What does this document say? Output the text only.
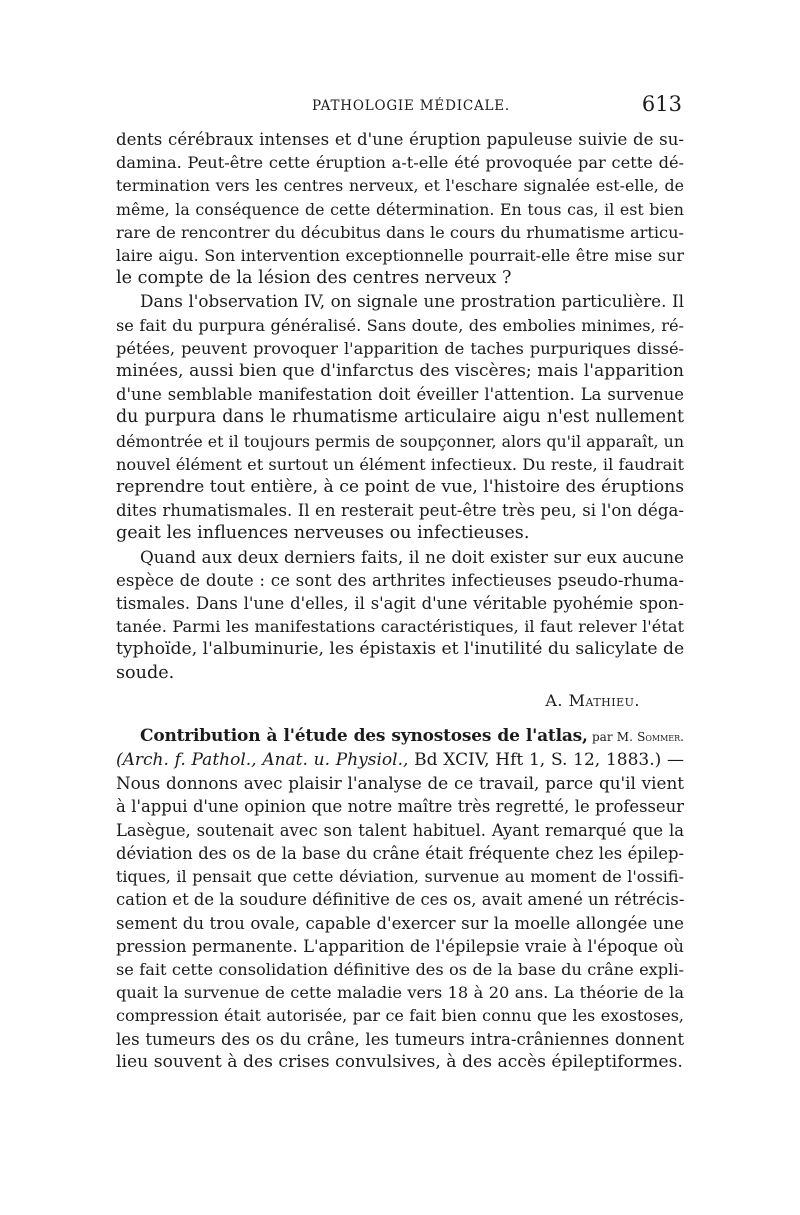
PATHOLOGIE MÉDICALE.	613

dents cérébraux intenses et d'une éruption papuleuse suivie de su-
damina. Peut-être cette éruption a-t-elle été provoquée par cette dé-
termination vers les centres nerveux, et l'eschare signalée est-elle, de
même, la conséquence de cette détermination. En tous cas, il est bien
rare de rencontrer du décubitus dans le cours du rhumatisme articu-
laire aigu. Son intervention exceptionnelle pourrait-elle être mise sur
le compte de la lésion des centres nerveux ?

Dans l'observation IV, on signale une prostration particulière. Il
se fait du purpura généralisé. Sans doute, des embolies minimes, ré-
pétées, peuvent provoquer l'apparition de taches purpuriques dissé-
minées, aussi bien que d'infarctus des viscères; mais l'apparition
d'une semblable manifestation doit éveiller l'attention. La survenue
du purpura dans le rhumatisme articulaire aigu n'est nullement
démontrée et il toujours permis de soupçonner, alors qu'il apparaît, un
nouvel élément et surtout un élément infectieux. Du reste, il faudrait
reprendre tout entière, à ce point de vue, l'histoire des éruptions
dites rhumatismales. Il en resterait peut-être très peu, si l'on déga-
geait les influences nerveuses ou infectieuses.

Quand aux deux derniers faits, il ne doit exister sur eux aucune
espèce de doute : ce sont des arthrites infectieuses pseudo-rhuma-
tismales. Dans l'une d'elles, il s'agit d'une véritable pyohémie spon-
tanée. Parmi les manifestations caractéristiques, il faut relever l'état
typhoïde, l'albuminurie, les épistaxis et l'inutilité du salicylate de
soude.

A. Mathieu.

Contribution à l'étude des synostoses de l'atlas, par M. Sommer.
(Arch. f. Pathol., Anat. u. Physiol., Bd XCIV, Hft 1, S. 12, 1883.) —
Nous donnons avec plaisir l'analyse de ce travail, parce qu'il vient
à l'appui d'une opinion que notre maître très regretté, le professeur
Lasègue, soutenait avec son talent habituel. Ayant remarqué que la
déviation des os de la base du crâne était fréquente chez les épilep-
tiques, il pensait que cette déviation, survenue au moment de l'ossifi-
cation et de la soudure définitive de ces os, avait amené un rétrécis-
sement du trou ovale, capable d'exercer sur la moelle allongée une
pression permanente. L'apparition de l'épilepsie vraie à l'époque où
se fait cette consolidation définitive des os de la base du crâne expli-
quait la survenue de cette maladie vers 18 à 20 ans. La théorie de la
compression était autorisée, par ce fait bien connu que les exostoses,
les tumeurs des os du crâne, les tumeurs intra-crâniennes donnent
lieu souvent à des crises convulsives, à des accès épileptiformes.
